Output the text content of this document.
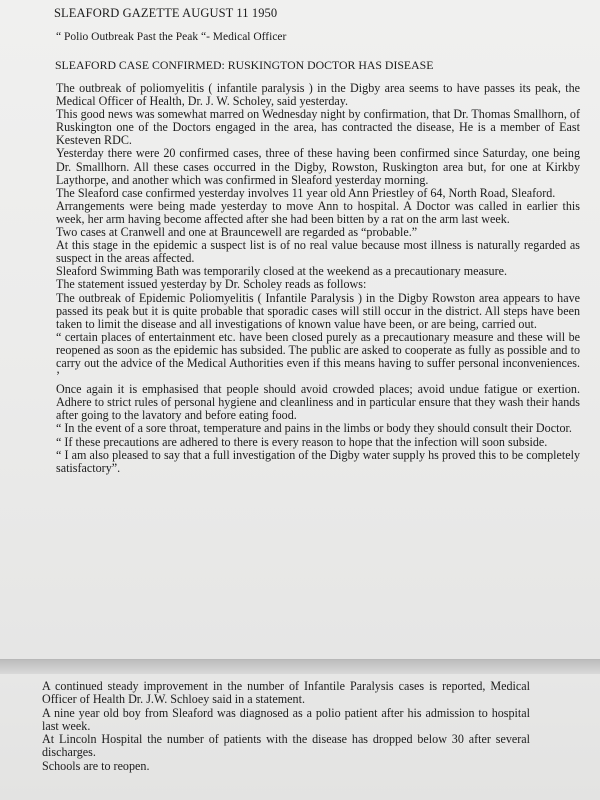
SLEAFORD GAZETTE AUGUST 11 1950
“ Polio Outbreak Past the Peak “- Medical Officer
SLEAFORD CASE CONFIRMED: RUSKINGTON DOCTOR HAS DISEASE

The outbreak of poliomyelitis ( infantile paralysis ) in the Digby area seems to have passes its peak, the Medical Officer of Health, Dr. J. W. Scholey, said yesterday.

This good news was somewhat marred on Wednesday night by confirmation, that Dr. Thomas Smallhorn, of Ruskington one of the Doctors engaged in the area, has contracted the disease, He is a member of East Kesteven RDC.

Yesterday there were 20 confirmed cases, three of these having been confirmed since Saturday, one being Dr. Smallhorn. All these cases occurred in the Digby, Rowston, Ruskington area but, for one at Kirkby Laythorpe, and another which was confirmed in Sleaford yesterday morning.

The Sleaford case confirmed yesterday involves 11 year old Ann Priestley of 64, North Road, Sleaford.

Arrangements were being made yesterday to move Ann to hospital. A Doctor was called in earlier this week, her arm having become affected after she had been bitten by a rat on the arm last week.

Two cases at Cranwell and one at Brauncewell are regarded as “probable.”

At this stage in the epidemic a suspect list is of no real value because most illness is naturally regarded as suspect in the areas affected.

Sleaford Swimming Bath was temporarily closed at the weekend as a precautionary measure.

The statement issued yesterday by Dr. Scholey reads as follows:

The outbreak of Epidemic Poliomyelitis ( Infantile Paralysis ) in the Digby Rowston area appears to have passed its peak but it is quite probable that sporadic cases will still occur in the district. All steps have been taken to limit the disease and all investigations of known value have been, or are being, carried out.

“ certain places of entertainment etc. have been closed purely as a precautionary measure and these will be reopened as soon as the epidemic has subsided. The public are asked to cooperate as fully as possible and to carry out the advice of the Medical Authorities even if this means having to suffer personal inconveniences. ’

Once again it is emphasised that people should avoid crowded places; avoid undue fatigue or exertion. Adhere to strict rules of personal hygiene and cleanliness and in particular ensure that they wash their hands after going to the lavatory and before eating food.

“ In the event of a sore throat, temperature and pains in the limbs or body they should consult their Doctor.

“ If these precautions are adhered to there is every reason to hope that the infection will soon subside.

“ I am also pleased to say that a full investigation of the Digby water supply hs proved this to be completely satisfactory”.

A continued steady improvement in the number of Infantile Paralysis cases is reported, Medical Officer of Health Dr. J.W. Schloey said in a statement.

A nine year old boy from Sleaford was diagnosed as a polio patient after his admission to hospital last week.

At Lincoln Hospital the number of patients with the disease has dropped below 30 after several discharges.

Schools are to reopen.
